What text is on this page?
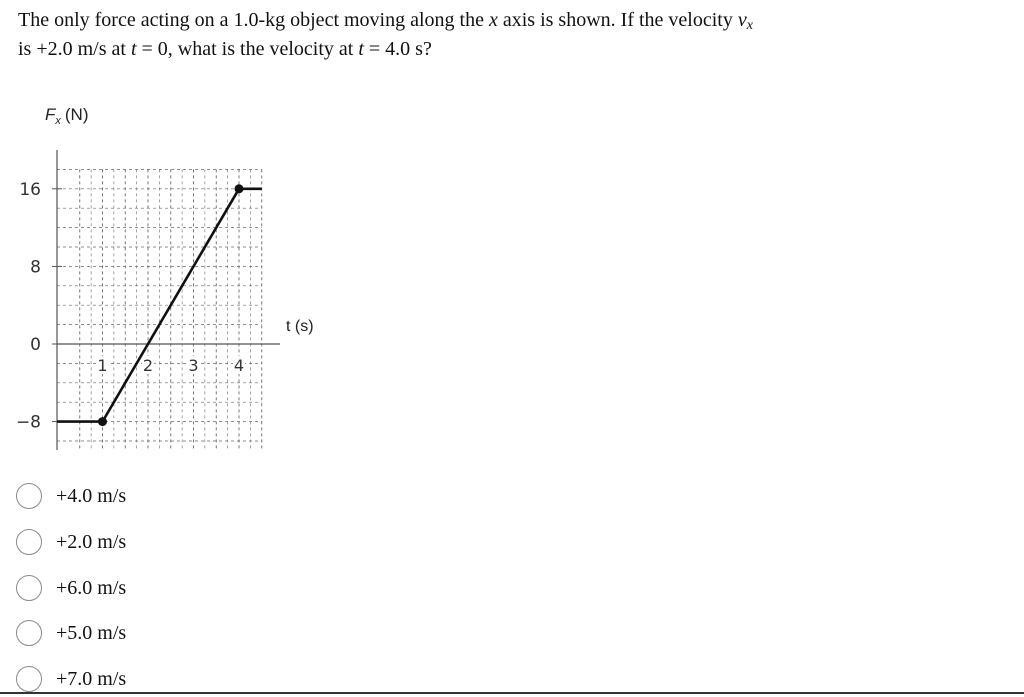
The only force acting on a 1.0-kg object moving along the x axis is shown. If the velocity $v_x$
is +2.0 m/s at t = 0, what is the velocity at t = 4.0 s?
16
8
0
−8
1 2 3 4
$F_x$ (N)
t (s)
+4.0 m/s
+2.0 m/s
+6.0 m/s
+5.0 m/s
+7.0 m/s
